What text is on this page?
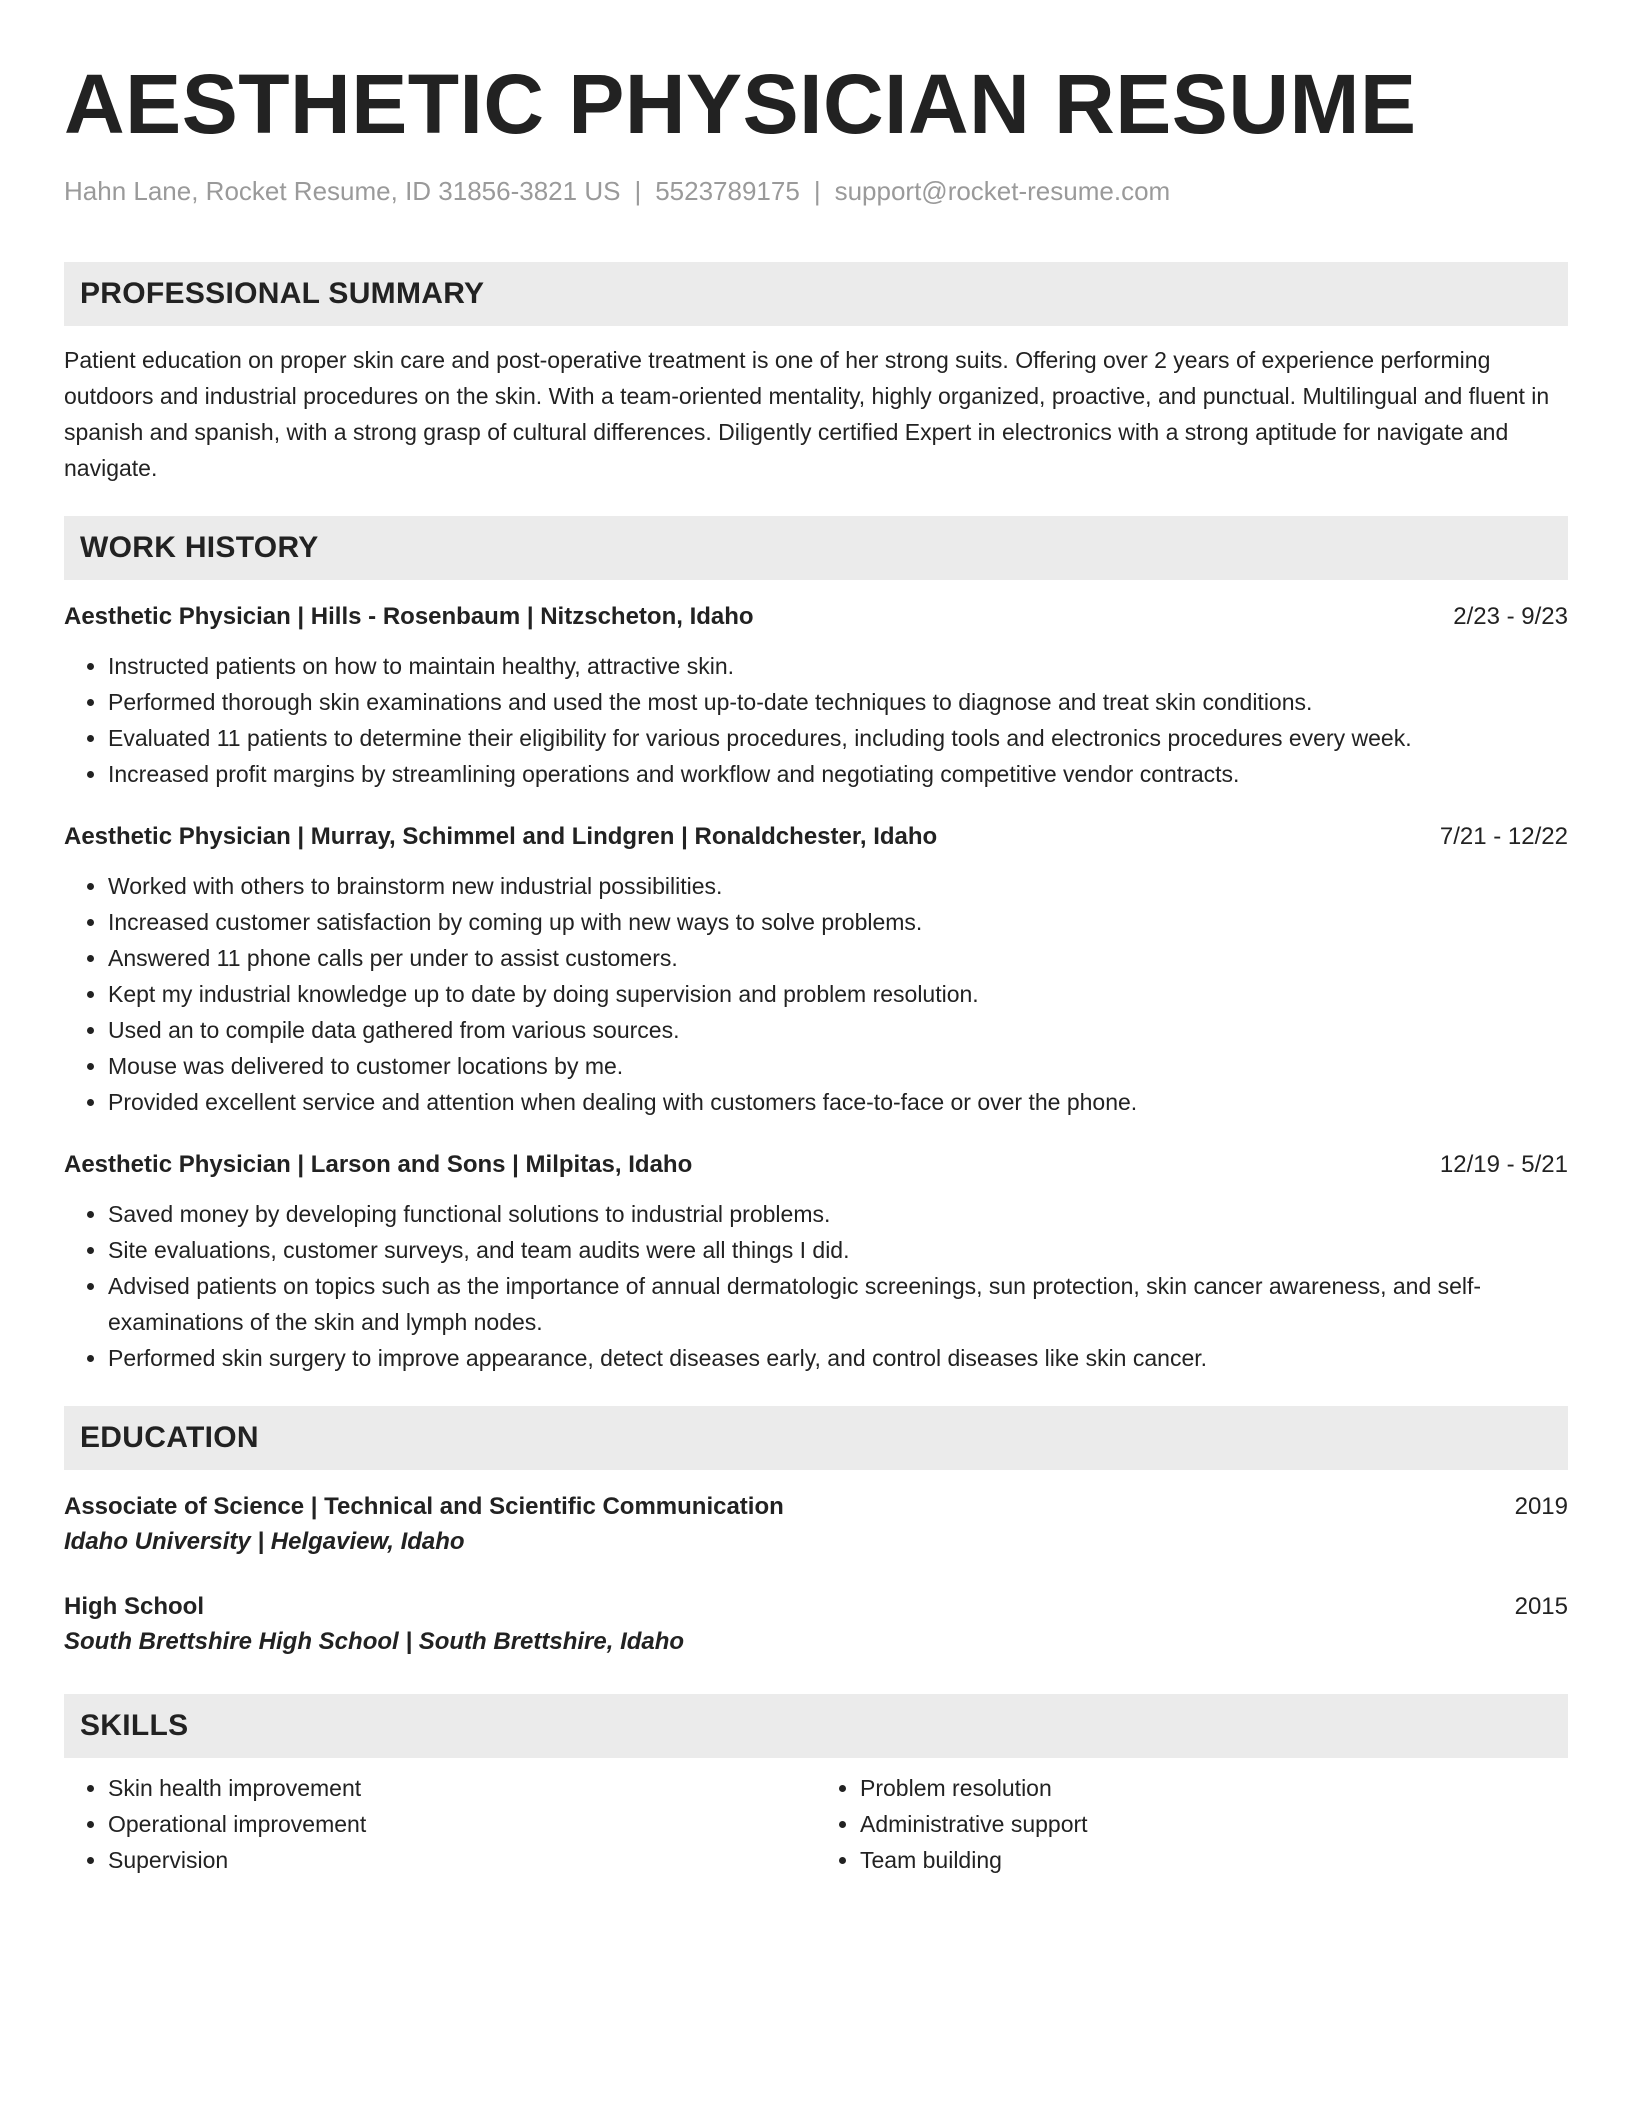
AESTHETIC PHYSICIAN RESUME
Hahn Lane, Rocket Resume, ID 31856-3821 US | 5523789175 | support@rocket-resume.com
PROFESSIONAL SUMMARY

Patient education on proper skin care and post-operative treatment is one of her strong suits. Offering over 2 years of experience performing outdoors and industrial procedures on the skin. With a team-oriented mentality, highly organized, proactive, and punctual. Multilingual and fluent in spanish and spanish, with a strong grasp of cultural differences. Diligently certified Expert in electronics with a strong aptitude for navigate and navigate.

WORK HISTORY
Aesthetic Physician | Hills - Rosenbaum | Nitzscheton, Idaho	2/23 - 9/23
• Instructed patients on how to maintain healthy, attractive skin.
• Performed thorough skin examinations and used the most up-to-date techniques to diagnose and treat skin conditions.
• Evaluated 11 patients to determine their eligibility for various procedures, including tools and electronics procedures every week.
• Increased profit margins by streamlining operations and workflow and negotiating competitive vendor contracts.
Aesthetic Physician | Murray, Schimmel and Lindgren | Ronaldchester, Idaho	7/21 - 12/22
• Worked with others to brainstorm new industrial possibilities.
• Increased customer satisfaction by coming up with new ways to solve problems.
• Answered 11 phone calls per under to assist customers.
• Kept my industrial knowledge up to date by doing supervision and problem resolution.
• Used an to compile data gathered from various sources.
• Mouse was delivered to customer locations by me.
• Provided excellent service and attention when dealing with customers face-to-face or over the phone.
Aesthetic Physician | Larson and Sons | Milpitas, Idaho	12/19 - 5/21
• Saved money by developing functional solutions to industrial problems.
• Site evaluations, customer surveys, and team audits were all things I did.
• Advised patients on topics such as the importance of annual dermatologic screenings, sun protection, skin cancer awareness, and self-examinations of the skin and lymph nodes.
• Performed skin surgery to improve appearance, detect diseases early, and control diseases like skin cancer.
EDUCATION
Associate of Science | Technical and Scientific Communication	2019
Idaho University | Helgaview, Idaho
High School	2015
South Brettshire High School | South Brettshire, Idaho
SKILLS
• Skin health improvement
• Operational improvement
• Supervision
• Problem resolution
• Administrative support
• Team building
